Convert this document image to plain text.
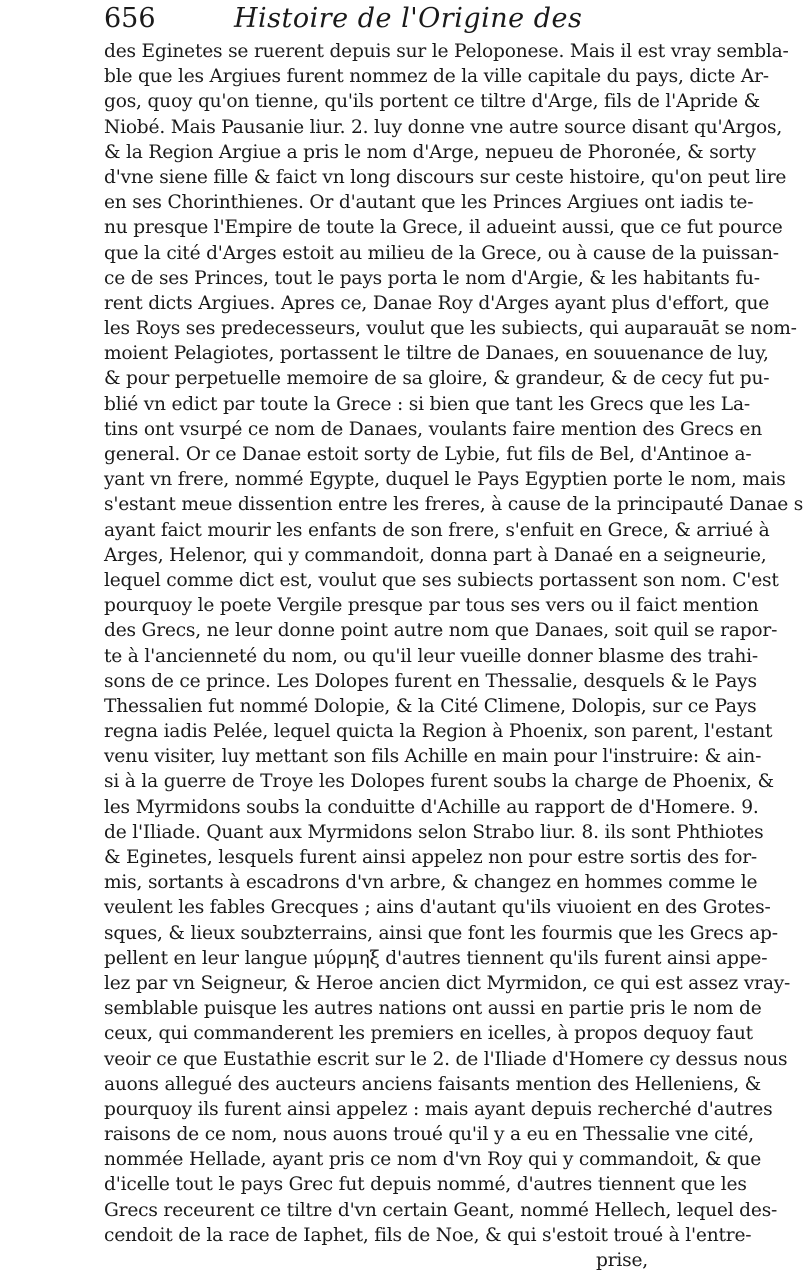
656	Histoire de l'Origine des
des Eginetes se ruerent depuis sur le Peloponese. Mais il est vray sembla-
ble que les Argiues furent nommez de la ville capitale du pays, dicte Ar-
gos, quoy qu'on tienne, qu'ils portent ce tiltre d'Arge, fils de l'Apride &
Niobé. Mais Pausanie liur. 2. luy donne vne autre source disant qu'Argos,
& la Region Argiue a pris le nom d'Arge, nepueu de Phoronée, & sorty
d'vne siene fille & faict vn long discours sur ceste histoire, qu'on peut lire
en ses Chorinthienes. Or d'autant que les Princes Argiues ont iadis te-
nu presque l'Empire de toute la Grece, il adueint aussi, que ce fut pource
que la cité d'Arges estoit au milieu de la Grece, ou à cause de la puissan-
ce de ses Princes, tout le pays porta le nom d'Argie, & les habitants fu-
rent dicts Argiues. Apres ce, Danae Roy d'Arges ayant plus d'effort, que
les Roys ses predecesseurs, voulut que les subiects, qui auparauāt se nom-
moient Pelagiotes, portassent le tiltre de Danaes, en souuenance de luy,
& pour perpetuelle memoire de sa gloire, & grandeur, & de cecy fut pu-
blié vn edict par toute la Grece : si bien que tant les Grecs que les La-
tins ont vsurpé ce nom de Danaes, voulants faire mention des Grecs en
general. Or ce Danae estoit sorty de Lybie, fut fils de Bel, d'Antinoe a-
yant vn frere, nommé Egypte, duquel le Pays Egyptien porte le nom, mais
s'estant meue dissention entre les freres, à cause de la principauté Danae s
ayant faict mourir les enfants de son frere, s'enfuit en Grece, & arriué à
Arges, Helenor, qui y commandoit, donna part à Danaé en a seigneurie,
lequel comme dict est, voulut que ses subiects portassent son nom. C'est
pourquoy le poete Vergile presque par tous ses vers ou il faict mention
des Grecs, ne leur donne point autre nom que Danaes, soit quil se rapor-
te à l'ancienneté du nom, ou qu'il leur vueille donner blasme des trahi-
sons de ce prince. Les Dolopes furent en Thessalie, desquels & le Pays
Thessalien fut nommé Dolopie, & la Cité Climene, Dolopis, sur ce Pays
regna iadis Pelée, lequel quicta la Region à Phoenix, son parent, l'estant
venu visiter, luy mettant son fils Achille en main pour l'instruire: & ain-
si à la guerre de Troye les Dolopes furent soubs la charge de Phoenix, &
les Myrmidons soubs la conduitte d'Achille au rapport de d'Homere. 9.
de l'Iliade. Quant aux Myrmidons selon Strabo liur. 8. ils sont Phthiotes
& Eginetes, lesquels furent ainsi appelez non pour estre sortis des for-
mis, sortants à escadrons d'vn arbre, & changez en hommes comme le
veulent les fables Grecques ; ains d'autant qu'ils viuoient en des Grotes-
sques, & lieux soubzterrains, ainsi que font les fourmis que les Grecs ap-
pellent en leur langue μύρμηξ d'autres tiennent qu'ils furent ainsi appe-
lez par vn Seigneur, & Heroe ancien dict Myrmidon, ce qui est assez vray-
semblable puisque les autres nations ont aussi en partie pris le nom de
ceux, qui commanderent les premiers en icelles, à propos dequoy faut
veoir ce que Eustathie escrit sur le 2. de l'Iliade d'Homere cy dessus nous
auons allegué des aucteurs anciens faisants mention des Helleniens, &
pourquoy ils furent ainsi appelez : mais ayant depuis recherché d'autres
raisons de ce nom, nous auons troué qu'il y a eu en Thessalie vne cité,
nommée Hellade, ayant pris ce nom d'vn Roy qui y commandoit, & que
d'icelle tout le pays Grec fut depuis nommé, d'autres tiennent que les
Grecs receurent ce tiltre d'vn certain Geant, nommé Hellech, lequel des-
cendoit de la race de Iaphet, fils de Noe, & qui s'estoit troué à l'entre-
prise,
